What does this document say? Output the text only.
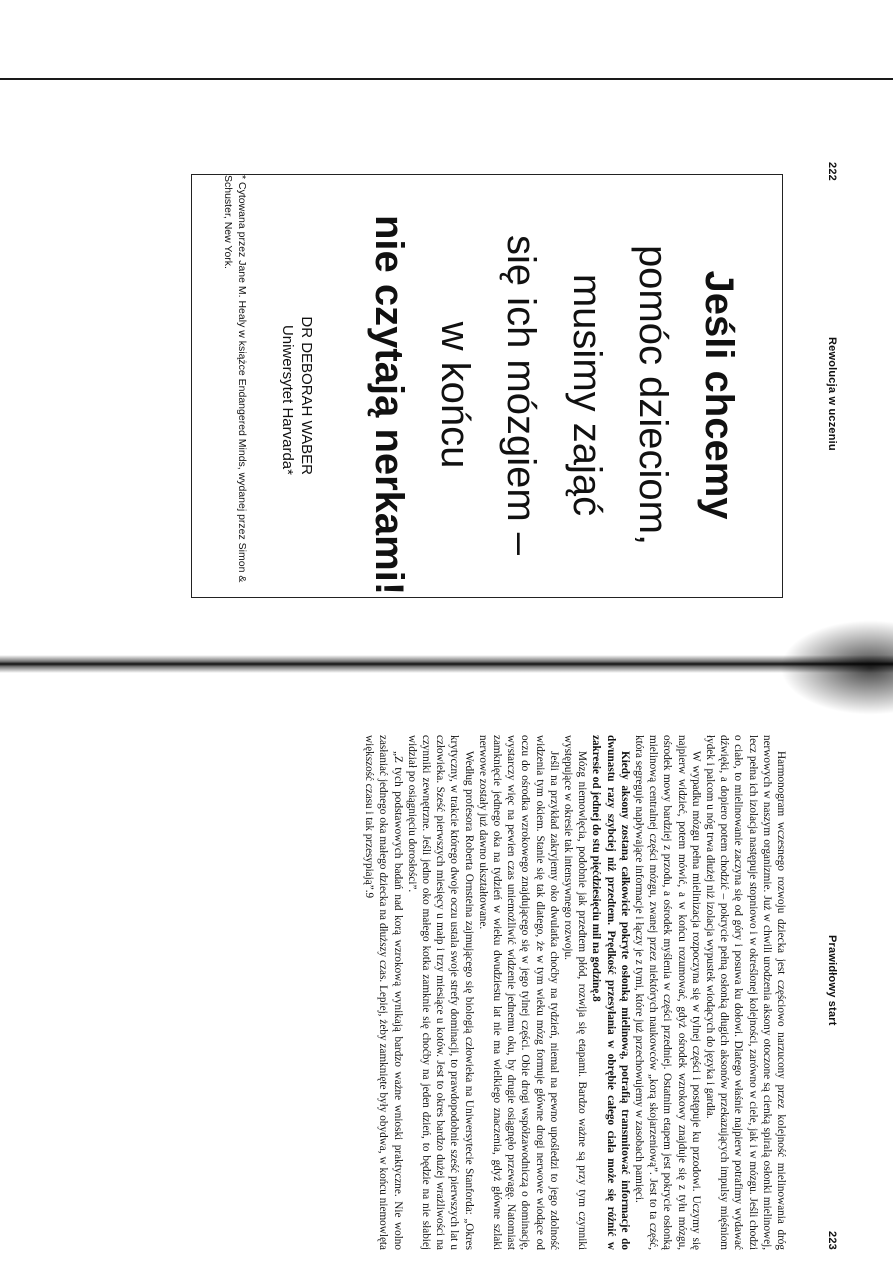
222
Rewolucja w uczeniu
Jeśli chcemy
pomóc dzieciom,
musimy zająć
się ich mózgiem –
w końcu
nie czytają nerkami!
DR DEBORAH WABER
Uniwersytet Harvarda*
* Cytowana przez Jane M. Healy w książce Endangered Minds, wydanej przez Simon & Schuster, New York.
Prawidłowy start
223

Harmonogram wczesnego rozwoju dziecka jest częściowo narzucony przez kolejność mielinowania dróg nerwowych w naszym organizmie. Już w chwili urodzenia aksony otoczone są cienką spiralą osłonki mielinowej, lecz pełna ich izolacja następuje stopniowo i w określonej kolejności, zarówno w ciele, jak i w mózgu. Jeśli chodzi o ciało, to mielinowanie zaczyna się od góry i posuwa ku dołowi. Dlatego właśnie najpierw potrafimy wydawać dźwięki, a dopiero potem chodzić – pokrycie pełną osłonką długich aksonów przekazujących impulsy mięśniom łydek i palcom u nóg trwa dłużej niż izolacja wypustek wiodących do języka i gardła.

W wypadku mózgu pełna mielinizacja rozpoczyna się w tylnej części i postępuje ku przodowi. Uczymy się najpierw widzieć, potem mówić, a w końcu rozumować, gdyż ośrodek wzrokowy znajduje się z tyłu mózgu, ośrodek mowy bardziej z przodu, a ośrodek myślenia w części przedniej. Ostatnim etapem jest pokrycie osłonką mielinową centralnej części mózgu, zwanej przez niektórych naukowców „korą skojarzeniową”. Jest to ta część, która segreguje napływające informacje i łączy je z tymi, które już przechowujemy w zasobach pamięci.

Kiedy aksony zostaną całkowicie pokryte osłonką mielinową, potrafią transmitować informacje do dwunastu razy szybciej niż przedtem. Prędkość przesyłania w obrębie całego ciała może się różnić w zakresie od jednej do stu pięćdziesięciu mil na godzinę.8

Mózg niemowlęcia, podobnie jak przedtem płód, rozwija się etapami. Bardzo ważne są przy tym czynniki występujące w okresie tak intensywnego rozwoju.

Jeśli na przykład zakryjemy oko dwulatka choćby na tydzień, niemal na pewno upośledzi to jego zdolność widzenia tym okiem. Stanie się tak dlatego, że w tym wieku mózg formuje główne drogi nerwowe wiodące od oczu do ośrodka wzrokowego znajdującego się w jego tylnej części. Obie drogi współzawodniczą o dominację, wystarczy więc na pewien czas uniemożliwić widzenie jednemu oku, by drugie osiągnęło przewagę. Natomiast zamknięcie jednego oka na tydzień w wieku dwudziestu lat nie ma wielkiego znaczenia, gdyż główne szlaki nerwowe zostały już dawno ukształtowane.

Według profesora Roberta Ornsteina zajmującego się biologią człowieka na Uniwersytecie Stanforda: „Okres krytyczny, w trakcie którego dwoje oczu ustala swoje strefy dominacji, to prawdopodobnie sześć pierwszych lat u człowieka. Sześć pierwszych miesięcy u małp i trzy miesiące u kotów. Jest to okres bardzo dużej wrażliwości na czynniki zewnętrzne. Jeśli jedno oko małego kotka zamknie się choćby na jeden dzień, to będzie na nie słabiej widział po osiągnięciu dorosłości”.

„Z tych podstawowych badań nad korą wzrokową wynikają bardzo ważne wnioski praktyczne. Nie wolno zasłaniać jednego oka małego dziecka na dłuższy czas. Lepiej, żeby zamknięte były obydwa, w końcu niemowlęta większość czasu i tak przesypiają”.9
